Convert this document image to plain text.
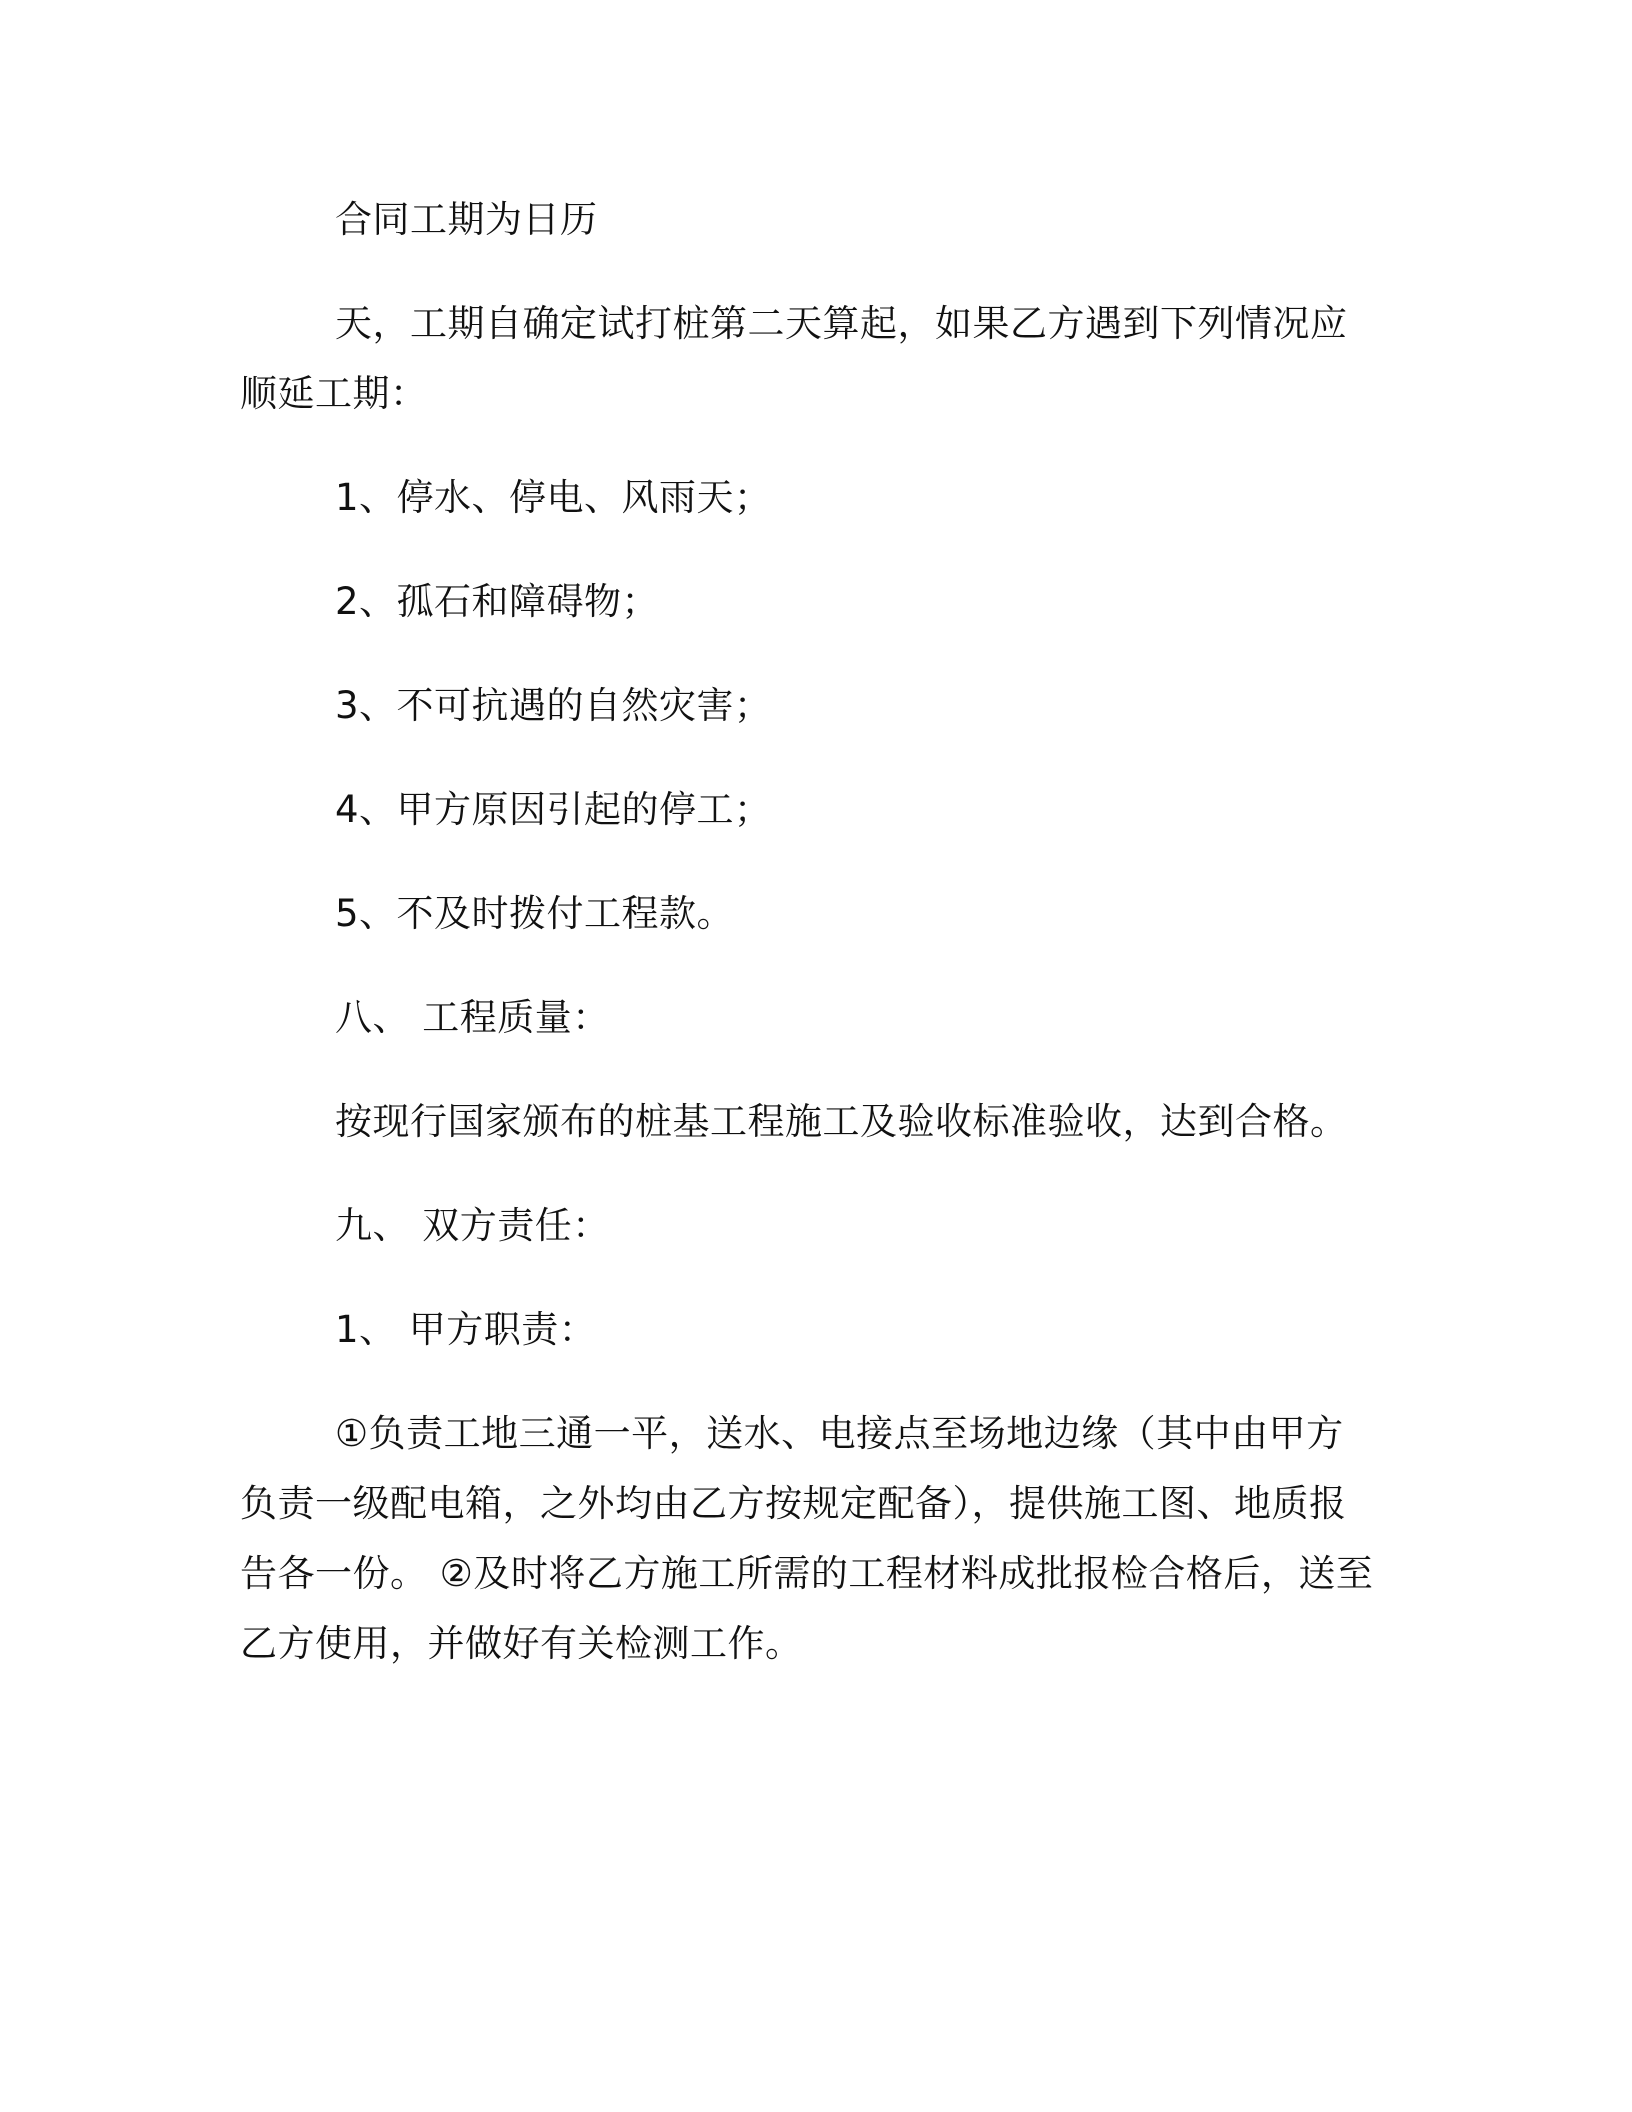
合同工期为日历

天，工期自确定试打桩第二天算起，如果乙方遇到下列情况应顺延工期：

1、停水、停电、风雨天；

2、孤石和障碍物；

3、不可抗遇的自然灾害；

4、甲方原因引起的停工；

5、不及时拨付工程款。

八、 工程质量：

按现行国家颁布的桩基工程施工及验收标准验收，达到合格。

九、 双方责任：

1、 甲方职责：

①负责工地三通一平，送水、电接点至场地边缘（其中由甲方负责一级配电箱，之外均由乙方按规定配备），提供施工图、地质报告各一份。 ②及时将乙方施工所需的工程材料成批报检合格后，送至乙方使用，并做好有关检测工作。
